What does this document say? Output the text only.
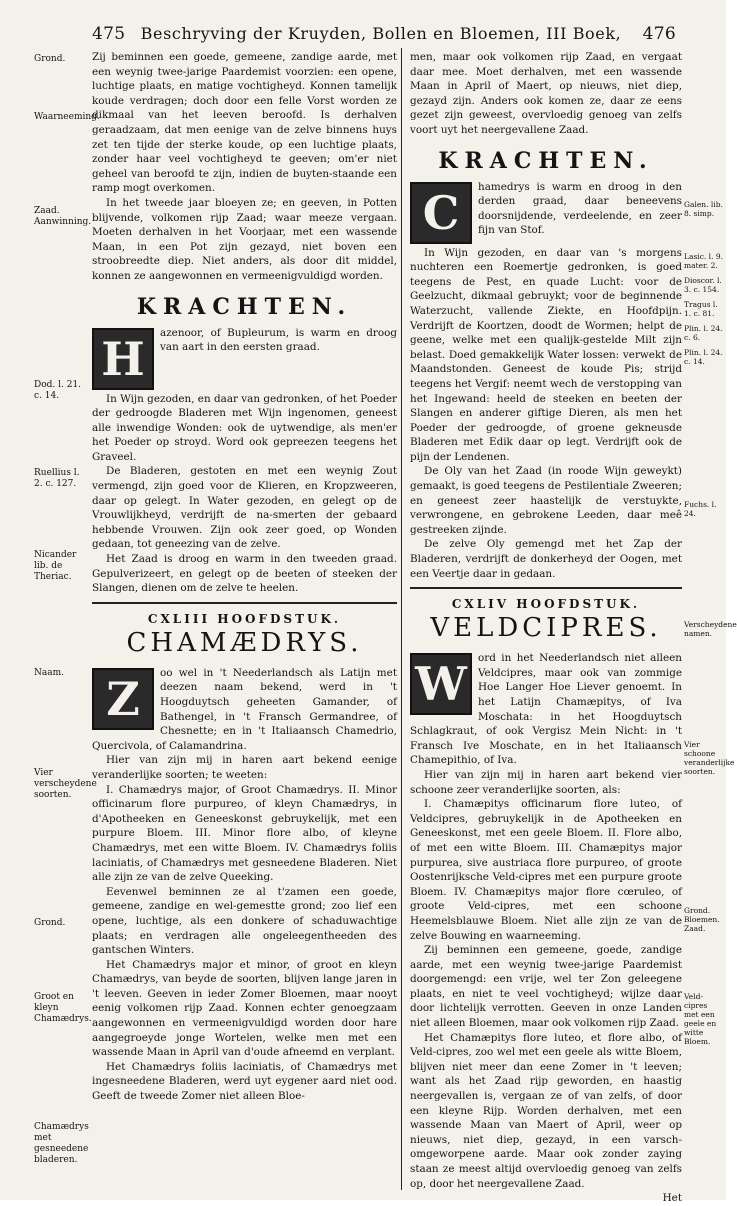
475 Beschryving der Kruyden, Bollen en Bloemen, III Boek,	476
Grond.
Waarneeming.
Zaad. Aanwinning.
Dod. l. 21. c. 14.
Ruellius l. 2. c. 127.
Nicander lib. de Theriac.
Naam.
Vier verscheydene soorten.
Grond.
Groot en kleyn Chamædrys.
Chamædrys met gesneedene bladeren.
Galen. lib. 8. simp.
Lasic. l. 9. mater. 2.
Dioscor. l. 3. c. 154.
Tragus l. 1. c. 81.
Plin. l. 24. c. 6.
Plin. l. 24. c. 14.
Fuchs. l. 24.
Verscheydene namen.
Vier schoone veranderlijke soorten.
Grond. Bloemen. Zaad.
Veld-cipres met een geele en witte Bloem.

Zij beminnen een goede, gemeene, zandige aarde, met een weynig twee-jarige Paardemist voorzien: een opene, luchtige plaats, en matige vochtigheyd. Konnen tamelijk koude verdragen; doch door een felle Vorst worden ze dikmaal van het leeven beroofd. Is derhalven geraadzaam, dat men eenige van de zelve binnens huys zet ten tijde der sterke koude, op een luchtige plaats, zonder haar veel vochtigheyd te geeven; om'er niet geheel van beroofd te zijn, indien de buyten-staande een ramp mogt overkomen.

In het tweede jaar bloeyen ze; en geeven, in Potten blijvende, volkomen rijp Zaad; waar meeze vergaan. Moeten derhalven in het Voorjaar, met een wassende Maan, in een Pot zijn gezayd, niet boven een stroobreedte diep. Niet anders, als door dit middel, konnen ze aangewonnen en vermeenigvuldigd worden.

KRACHTEN.
H	azenoor, of Bupleurum, is warm en droog van aart in den eersten graad.

In Wijn gezoden, en daar van gedronken, of het Poeder der gedroogde Bladeren met Wijn ingenomen, geneest alle inwendige Wonden: ook de uytwendige, als men'er het Poeder op stroyd. Word ook gepreezen teegens het Graveel.

De Bladeren, gestoten en met een weynig Zout vermengd, zijn goed voor de Klieren, en Kropzweeren, daar op gelegt. In Water gezoden, en gelegt op de Vrouwlijkheyd, verdrijft de na-smerten der gebaard hebbende Vrouwen. Zijn ook zeer goed, op Wonden gedaan, tot geneezing van de zelve.

Het Zaad is droog en warm in den tweeden graad. Gepulverizeert, en gelegt op de beeten of steeken der Slangen, dienen om de zelve te heelen.

CXLIII HOOFDSTUK.
CHAMÆDRYS.
Z	oo wel in 't Neederlandsch als Latijn met deezen naam bekend, werd in 't Hoogduytsch geheeten Gamander, of Bathengel, in 't Fransch Germandree, of Chesnette; en in 't Italiaansch Chamedrio, Quercivola, of Calamandrina.

Hier van zijn mij in haren aart bekend eenige veranderlijke soorten; te weeten:

I. Chamædrys major, of Groot Chamædrys. II. Minor officinarum flore purpureo, of kleyn Chamædrys, in d'Apotheeken en Geneeskonst gebruykelijk, met een purpure Bloem. III. Minor flore albo, of kleyne Chamædrys, met een witte Bloem. IV. Chamædrys foliis laciniatis, of Chamædrys met gesneedene Bladeren. Niet alle zijn ze van de zelve Queeking.

Eevenwel beminnen ze al t'zamen een goede, gemeene, zandige en wel-gemestte grond; zoo lief een opene, luchtige, als een donkere of schaduwachtige plaats; en verdragen alle ongeleegentheeden des gantschen Winters.

Het Chamædrys major et minor, of groot en kleyn Chamædrys, van beyde de soorten, blijven lange jaren in 't leeven. Geeven in ieder Zomer Bloemen, maar nooyt eenig volkomen rijp Zaad. Konnen echter genoegzaam aangewonnen en vermeenigvuldigd worden door hare aangegroeyde jonge Wortelen, welke men met een wassende Maan in April van d'oude afneemd en verplant.

Het Chamædrys foliis laciniatis, of Chamædrys met ingesneedene Bladeren, werd uyt eygener aard niet ood. Geeft de tweede Zomer niet alleen Bloe-

men, maar ook volkomen rijp Zaad, en vergaat daar mee. Moet derhalven, met een wassende Maan in April of Maert, op nieuws, niet diep, gezayd zijn. Anders ook komen ze, daar ze eens gezet zijn geweest, overvloedig genoeg van zelfs voort uyt het neergevallene Zaad.

KRACHTEN.
C	hamedrys is warm en droog in den derden graad, daar beneevens doorsnijdende, verdeelende, en zeer fijn van Stof.

In Wijn gezoden, en daar van 's morgens nuchteren een Roemertje gedronken, is goed teegens de Pest, en quade Lucht: voor de Geelzucht, dikmaal gebruykt; voor de beginnende Waterzucht, vallende Ziekte, en Hoofdpijn. Verdrijft de Koortzen, doodt de Wormen; helpt de geene, welke met een qualijk-gestelde Milt zijn belast. Doed gemakkelijk Water lossen: verwekt de Maandstonden. Geneest de koude Pis; strijd teegens het Vergif: neemt wech de verstopping van het Ingewand: heeld de steeken en beeten der Slangen en anderer giftige Dieren, als men het Poeder der gedroogde, of groene gekneusde Bladeren met Edik daar op legt. Verdrijft ook de pijn der Lendenen.

De Oly van het Zaad (in roode Wijn geweykt) gemaakt, is goed teegens de Pestilentiale Zweeren; en geneest zeer haastelijk de verstuykte, verwrongene, en gebrokene Leeden, daar meê gestreeken zijnde.

De zelve Oly gemengd met het Zap der Bladeren, verdrijft de donkerheyd der Oogen, met een Veertje daar in gedaan.

CXLIV HOOFDSTUK.
VELDCIPRES.
W	ord in het Neederlandsch niet alleen Veldcipres, maar ook van zommige Hoe Langer Hoe Liever genoemt. In het Latijn Chamæpitys, of Iva Moschata: in het Hoogduytsch Schlagkraut, of ook Vergisz Mein Nicht: in 't Fransch Ive Moschate, en in het Italiaansch Chamepithio, of Iva.

Hier van zijn mij in haren aart bekend vier schoone zeer veranderlijke soorten, als:

I. Chamæpitys officinarum flore luteo, of Veldcipres, gebruykelijk in de Apotheeken en Geneeskonst, met een geele Bloem. II. Flore albo, of met een witte Bloem. III. Chamæpitys major purpurea, sive austriaca flore purpureo, of groote Oostenrijksche Veld-cipres met een purpure groote Bloem. IV. Chamæpitys major flore cœruleo, of groote Veld-cipres, met een schoone Heemelsblauwe Bloem. Niet alle zijn ze van de zelve Bouwing en waarneeming.

Zij beminnen een gemeene, goede, zandige aarde, met een weynig twee-jarige Paardemist doorgemengd: een vrije, wel ter Zon geleegene plaats, en niet te veel vochtigheyd; wijlze daar door lichtelijk verrotten. Geeven in onze Landen niet alleen Bloemen, maar ook volkomen rijp Zaad.

Het Chamæpitys flore luteo, et flore albo, of Veld-cipres, zoo wel met een geele als witte Bloem, blijven niet meer dan eene Zomer in 't leeven; want als het Zaad rijp geworden, en haastig neergevallen is, vergaan ze of van zelfs, of door een kleyne Rijp. Worden derhalven, met een wassende Maan van Maert of April, weer op nieuws, niet diep, gezayd, in een varsch-omgeworpene aarde. Maar ook zonder zaying staan ze meest altijd overvloedig genoeg van zelfs op, door het neergevallene Zaad.

Het
